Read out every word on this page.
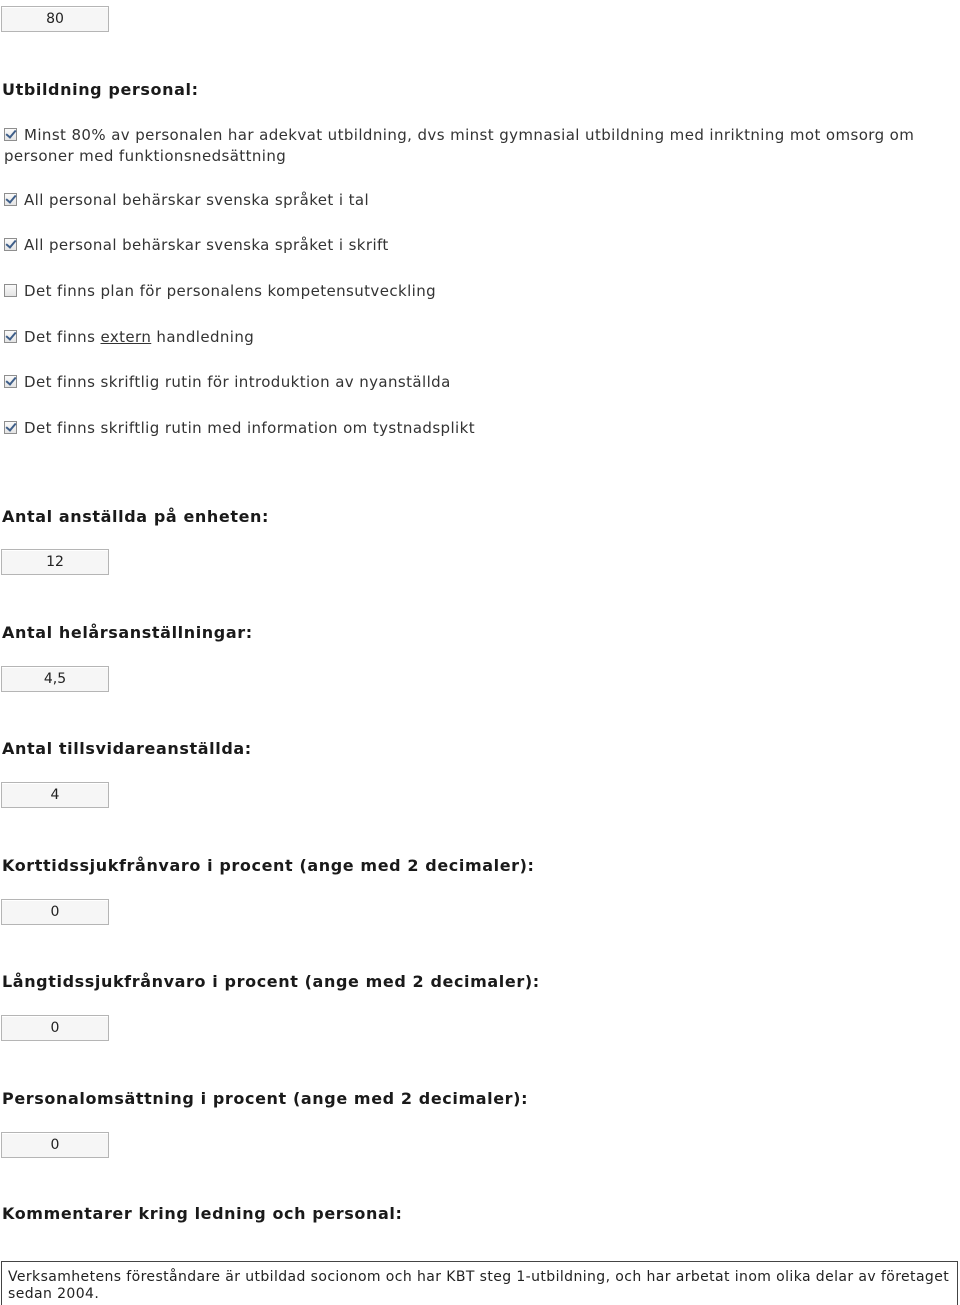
80
Utbildning personal:
Minst 80% av personalen har adekvat utbildning, dvs minst gymnasial utbildning med inriktning mot omsorg om personer med funktionsnedsättning
All personal behärskar svenska språket i tal
All personal behärskar svenska språket i skrift
Det finns plan för personalens kompetensutveckling
Det finns extern handledning
Det finns skriftlig rutin för introduktion av nyanställda
Det finns skriftlig rutin med information om tystnadsplikt
Antal anställda på enheten:
12
Antal helårsanställningar:
4,5
Antal tillsvidareanställda:
4
Korttidssjukfrånvaro i procent (ange med 2 decimaler):
0
Långtidssjukfrånvaro i procent (ange med 2 decimaler):
0
Personalomsättning i procent (ange med 2 decimaler):
0
Kommentarer kring ledning och personal:
Verksamhetens föreståndare är utbildad socionom och har KBT steg 1-utbildning, och har arbetat inom olika delar av företaget sedan 2004.
